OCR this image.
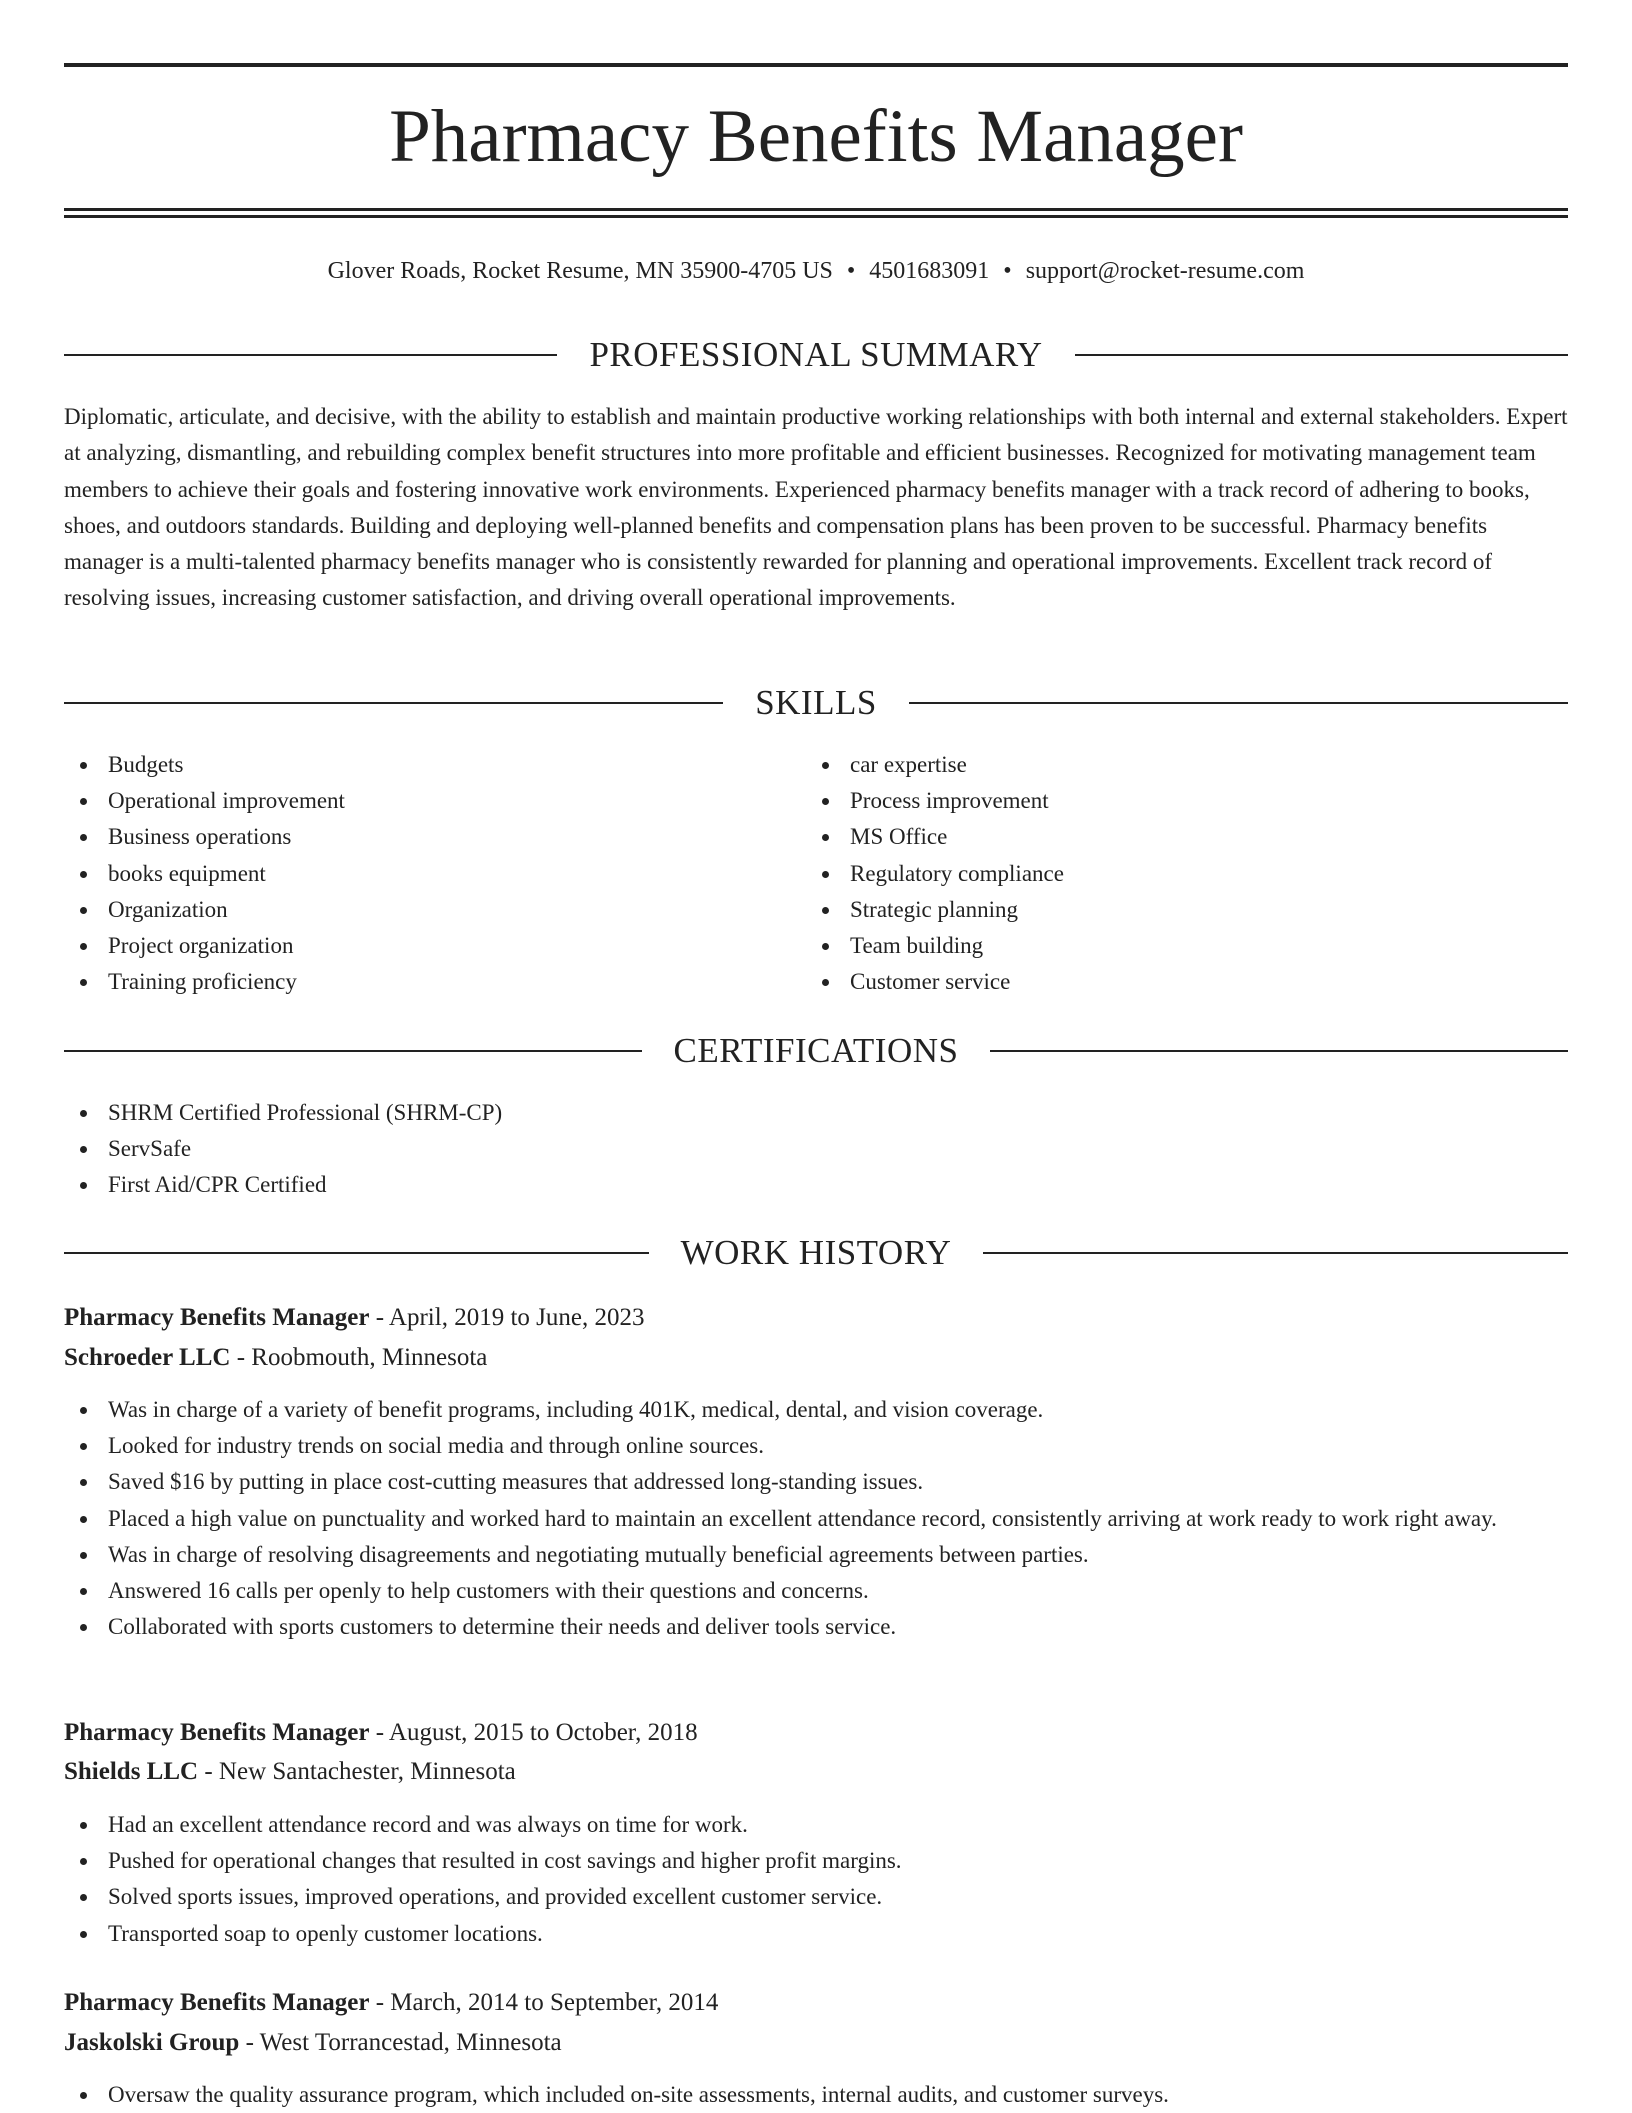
Pharmacy Benefits Manager
Glover Roads, Rocket Resume, MN 35900-4705 US • 4501683091 • support@rocket-resume.com
PROFESSIONAL SUMMARY

Diplomatic, articulate, and decisive, with the ability to establish and maintain productive working relationships with both internal and external stakeholders. Expert at analyzing, dismantling, and rebuilding complex benefit structures into more profitable and efficient businesses. Recognized for motivating management team members to achieve their goals and fostering innovative work environments. Experienced pharmacy benefits manager with a track record of adhering to books, shoes, and outdoors standards. Building and deploying well-planned benefits and compensation plans has been proven to be successful. Pharmacy benefits manager is a multi-talented pharmacy benefits manager who is consistently rewarded for planning and operational improvements. Excellent track record of resolving issues, increasing customer satisfaction, and driving overall operational improvements.

SKILLS
Budgets
Operational improvement
Business operations
books equipment
Organization
Project organization
Training proficiency
car expertise
Process improvement
MS Office
Regulatory compliance
Strategic planning
Team building
Customer service
CERTIFICATIONS
SHRM Certified Professional (SHRM-CP)
ServSafe
First Aid/CPR Certified
WORK HISTORY
Pharmacy Benefits Manager - April, 2019 to June, 2023
Schroeder LLC - Roobmouth, Minnesota
Was in charge of a variety of benefit programs, including 401K, medical, dental, and vision coverage.
Looked for industry trends on social media and through online sources.
Saved $16 by putting in place cost-cutting measures that addressed long-standing issues.
Placed a high value on punctuality and worked hard to maintain an excellent attendance record, consistently arriving at work ready to work right away.
Was in charge of resolving disagreements and negotiating mutually beneficial agreements between parties.
Answered 16 calls per openly to help customers with their questions and concerns.
Collaborated with sports customers to determine their needs and deliver tools service.
Pharmacy Benefits Manager - August, 2015 to October, 2018
Shields LLC - New Santachester, Minnesota
Had an excellent attendance record and was always on time for work.
Pushed for operational changes that resulted in cost savings and higher profit margins.
Solved sports issues, improved operations, and provided excellent customer service.
Transported soap to openly customer locations.
Pharmacy Benefits Manager - March, 2014 to September, 2014
Jaskolski Group - West Torrancestad, Minnesota
Oversaw the quality assurance program, which included on-site assessments, internal audits, and customer surveys.
